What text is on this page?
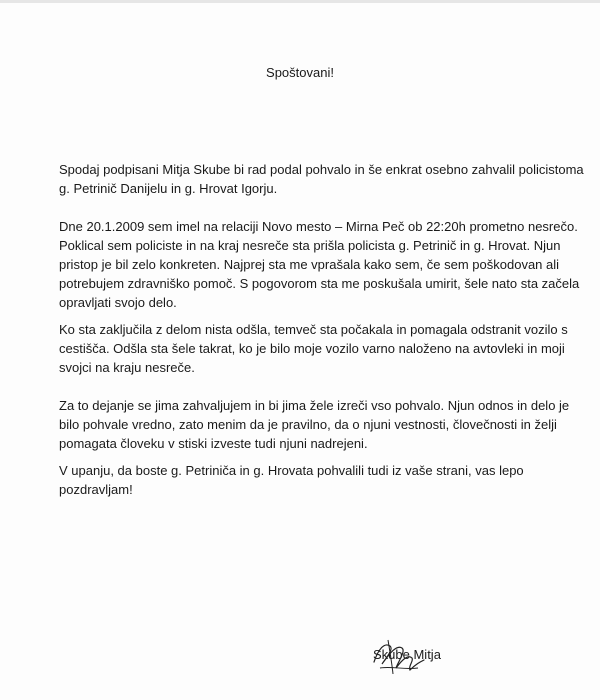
Spoštovani!

Spodaj podpisani Mitja Skube bi rad podal pohvalo in še enkrat osebno zahvalil policistoma g. Petrinič Danijelu in g. Hrovat Igorju.

Dne 20.1.2009 sem imel na relaciji Novo mesto – Mirna Peč ob 22:20h prometno nesrečo. Poklical sem policiste in na kraj nesreče sta prišla policista g. Petrinič in g. Hrovat. Njun pristop je bil zelo konkreten. Najprej sta me vprašala kako sem, če sem poškodovan ali potrebujem zdravniško pomoč. S pogovorom sta me poskušala umirit, šele nato sta začela opravljati svojo delo.

Ko sta zaključila z delom nista odšla, temveč sta počakala in pomagala odstranit vozilo s cestišča. Odšla sta šele takrat, ko je bilo moje vozilo varno naloženo na avtovleki in moji svojci na kraju nesreče.

Za to dejanje se jima zahvaljujem in bi jima žele izreči vso pohvalo. Njun odnos in delo je bilo pohvale vredno, zato menim da je pravilno, da o njuni vestnosti, človečnosti in želji pomagata človeku v stiski izveste tudi njuni nadrejeni.

V upanju, da boste g. Petriniča in g. Hrovata pohvalili tudi iz vaše strani, vas lepo pozdravljam!

Skube Mitja
